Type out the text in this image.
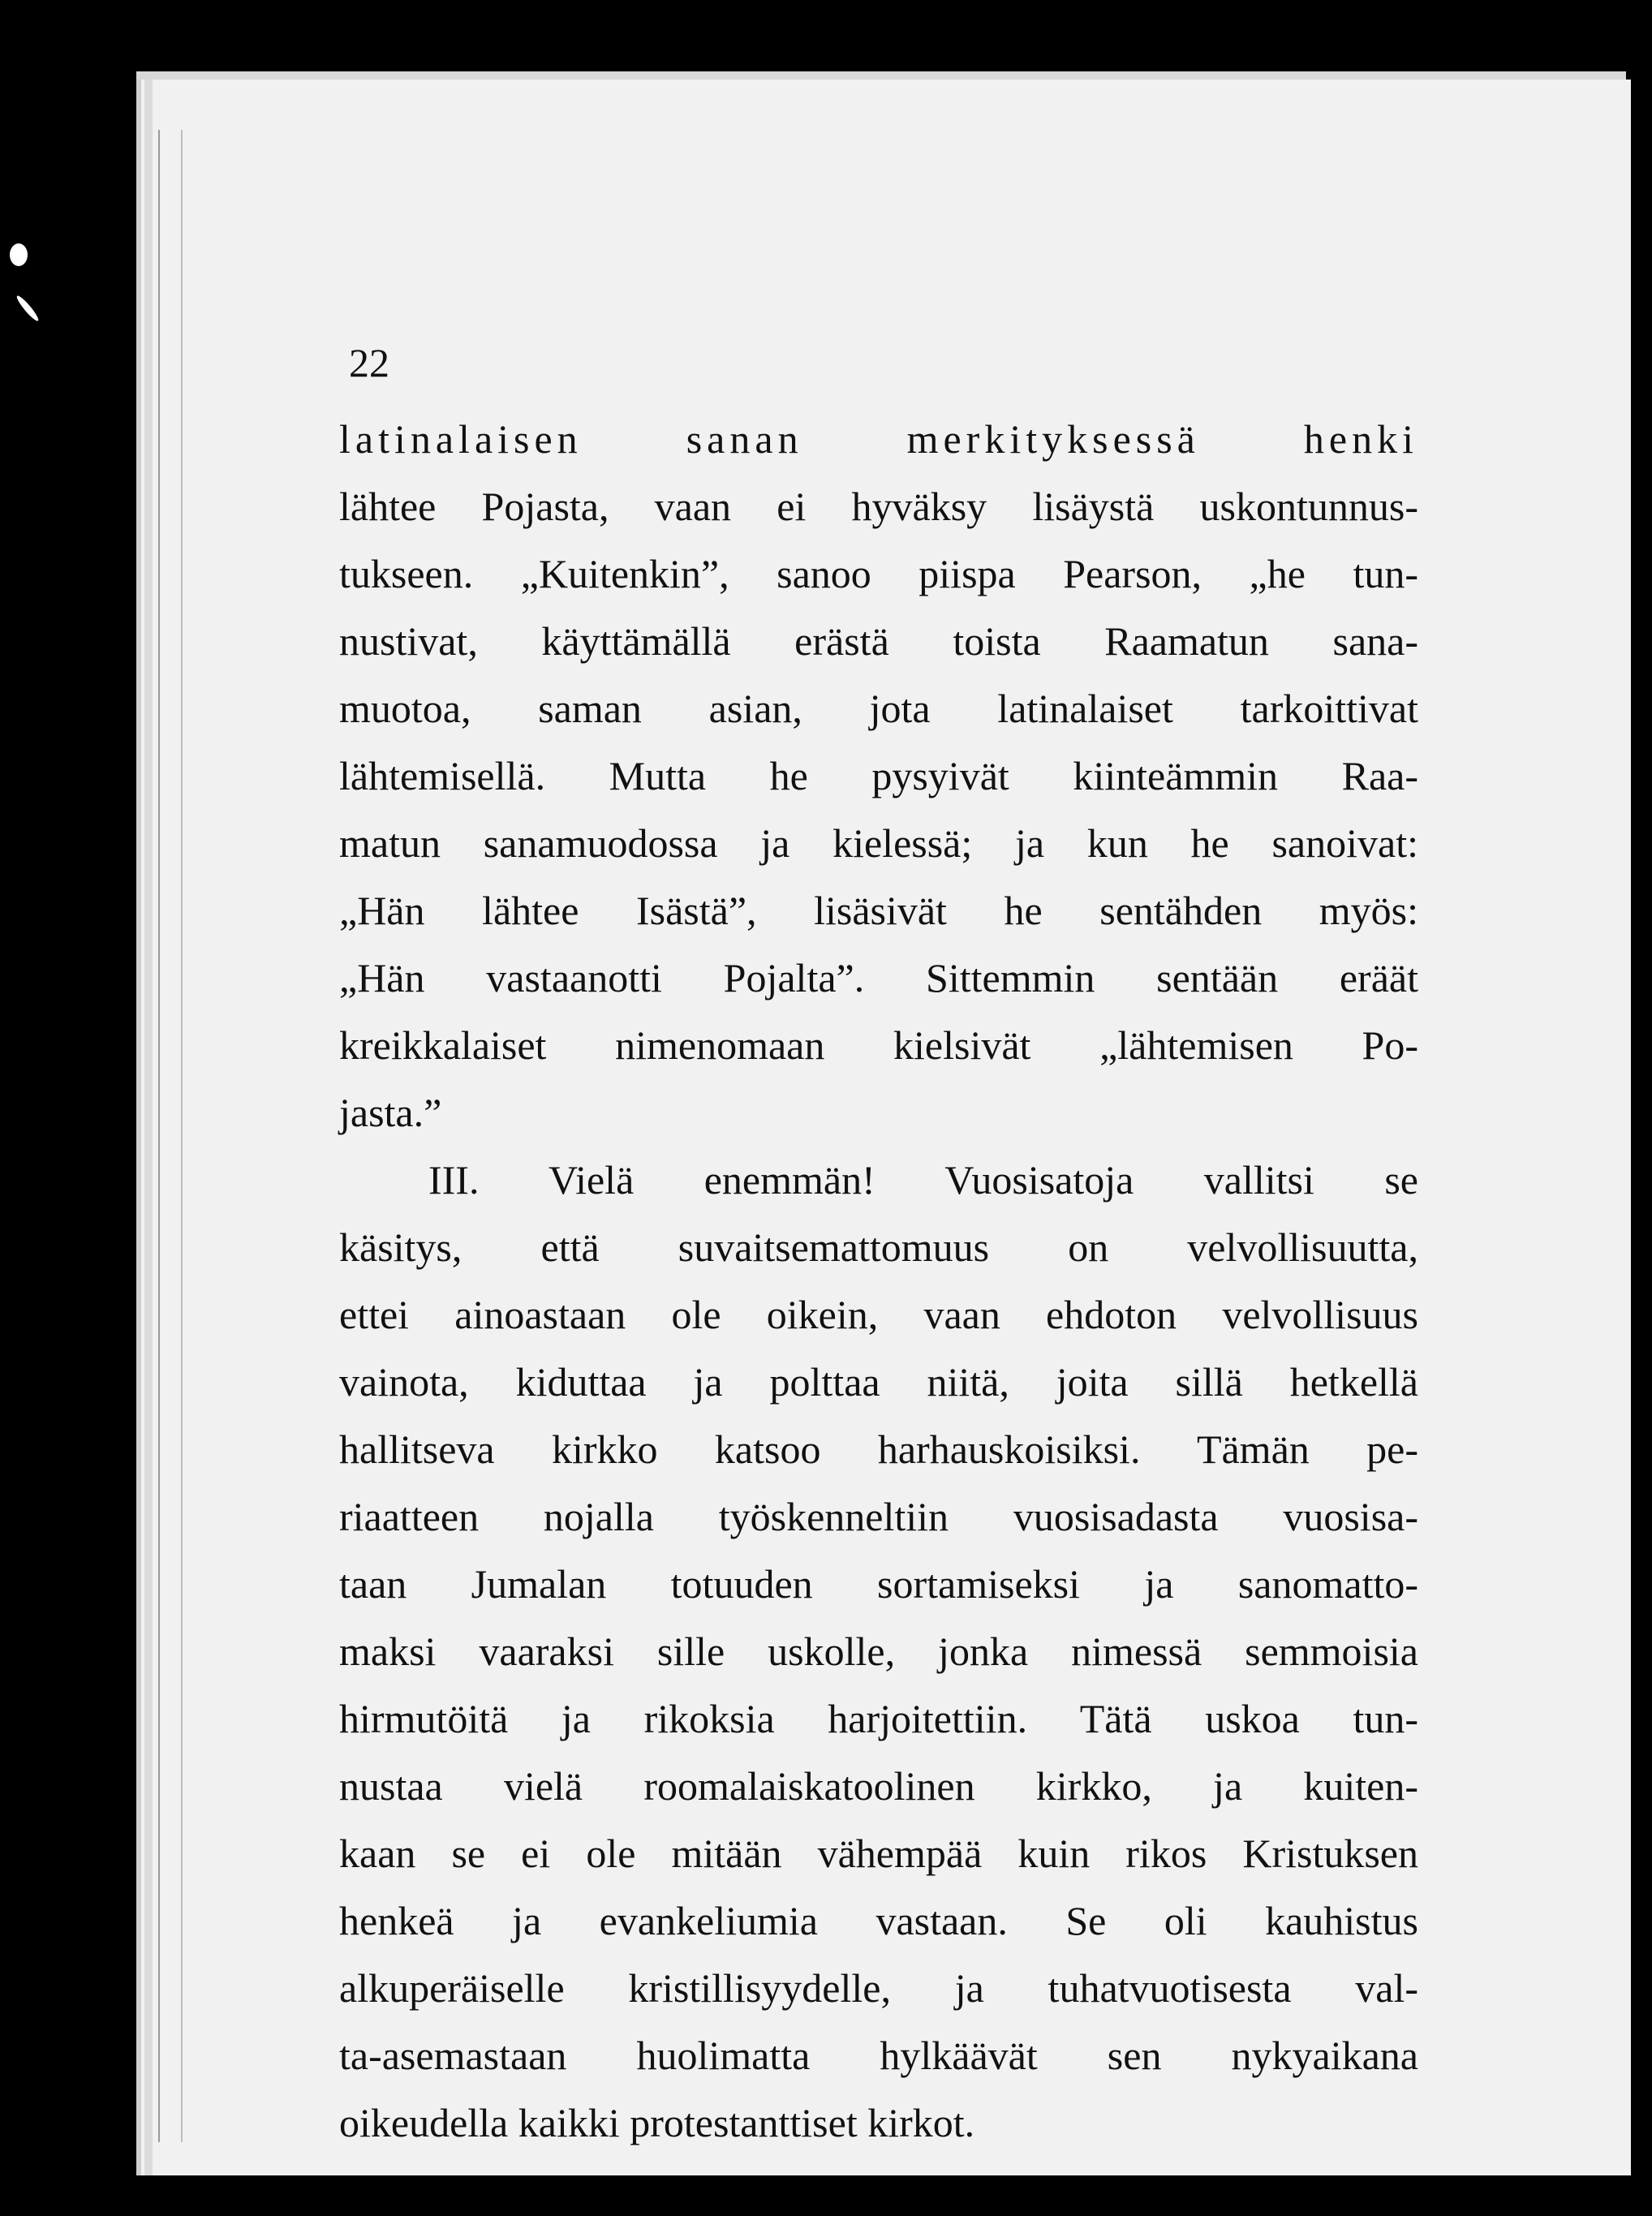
22
latinalaisen sanan merkityksessä henki
lähtee Pojasta, vaan ei hyväksy lisäystä uskontunnus-
tukseen. „Kuitenkin”, sanoo piispa Pearson, „he tun-
nustivat, käyttämällä erästä toista Raamatun sana-
muotoa, saman asian, jota latinalaiset tarkoittivat
lähtemisellä. Mutta he pysyivät kiinteämmin Raa-
matun sanamuodossa ja kielessä; ja kun he sanoivat:
„Hän lähtee Isästä”, lisäsivät he sentähden myös:
„Hän vastaanotti Pojalta”. Sittemmin sentään eräät
kreikkalaiset nimenomaan kielsivät „lähtemisen Po-
jasta.”
III. Vielä enemmän! Vuosisatoja vallitsi se
käsitys, että suvaitsemattomuus on velvollisuutta,
ettei ainoastaan ole oikein, vaan ehdoton velvollisuus
vainota, kiduttaa ja polttaa niitä, joita sillä hetkellä
hallitseva kirkko katsoo harhauskoisiksi. Tämän pe-
riaatteen nojalla työskenneltiin vuosisadasta vuosisa-
taan Jumalan totuuden sortamiseksi ja sanomatto-
maksi vaaraksi sille uskolle, jonka nimessä semmoisia
hirmutöitä ja rikoksia harjoitettiin. Tätä uskoa tun-
nustaa vielä roomalaiskatoolinen kirkko, ja kuiten-
kaan se ei ole mitään vähempää kuin rikos Kristuksen
henkeä ja evankeliumia vastaan. Se oli kauhistus
alkuperäiselle kristillisyydelle, ja tuhatvuotisesta val-
ta-asemastaan huolimatta hylkäävät sen nykyaikana
oikeudella kaikki protestanttiset kirkot.
